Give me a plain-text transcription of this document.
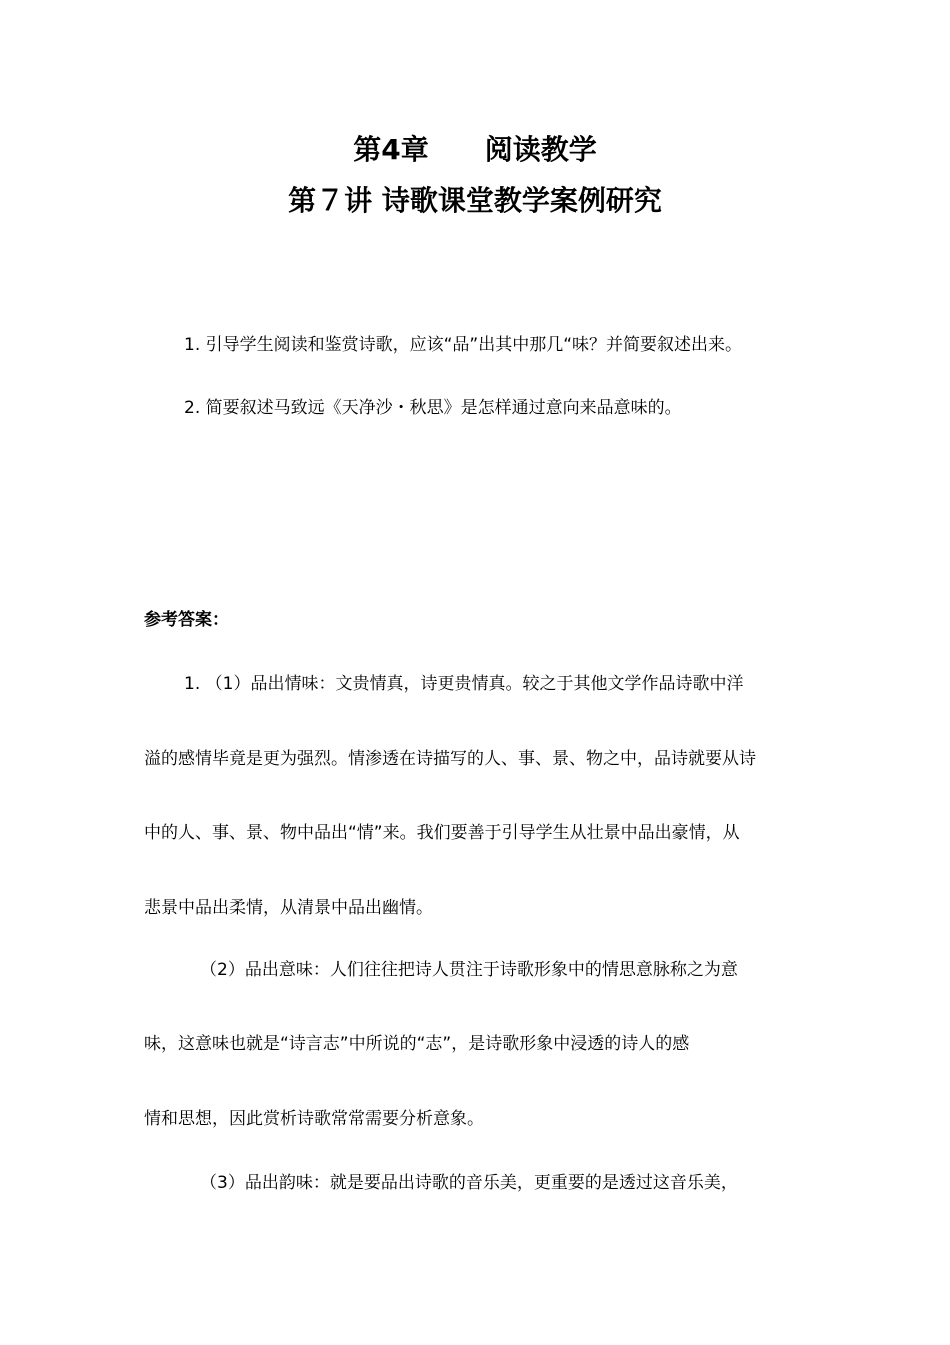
第4章　　阅读教学
第７讲 诗歌课堂教学案例研究

1. 引导学生阅读和鉴赏诗歌，应该“品”出其中那几“味？并简要叙述出来。

2. 简要叙述马致远《天净沙・秋思》是怎样通过意向来品意味的。

参考答案：

1. （1）品出情味：文贵情真，诗更贵情真。较之于其他文学作品诗歌中洋

溢的感情毕竟是更为强烈。情渗透在诗描写的人、事、景、物之中，品诗就要从诗

中的人、事、景、物中品出“情”来。我们要善于引导学生从壮景中品出豪情，从

悲景中品出柔情，从清景中品出幽情。

（2）品出意味：人们往往把诗人贯注于诗歌形象中的情思意脉称之为意

味，这意味也就是“诗言志”中所说的“志”，是诗歌形象中浸透的诗人的感

情和思想，因此赏析诗歌常常需要分析意象。

（3）品出韵味：就是要品出诗歌的音乐美，更重要的是透过这音乐美，
